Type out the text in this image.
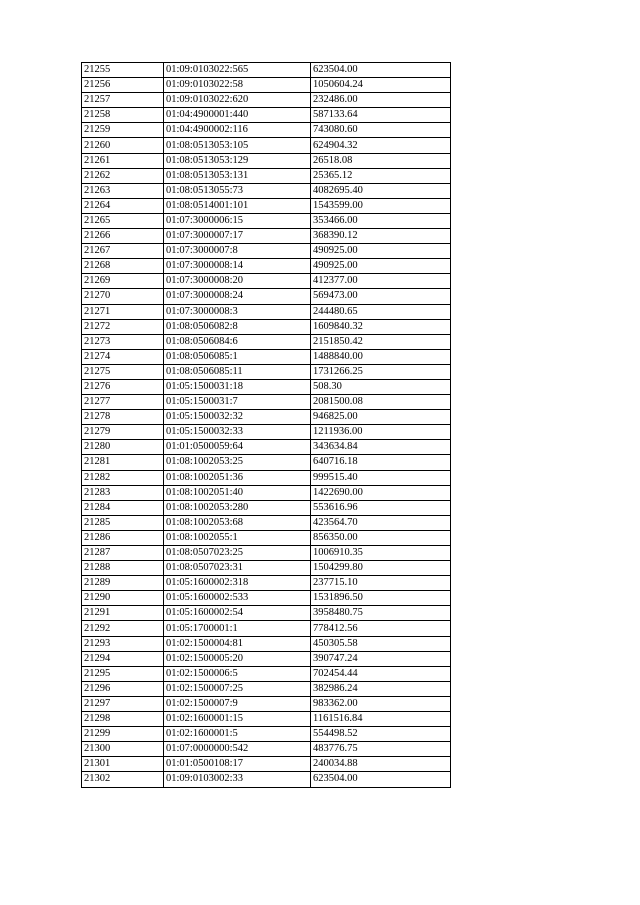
21255	01:09:0103022:565	623504.00
21256	01:09:0103022:58	1050604.24
21257	01:09:0103022:620	232486.00
21258	01:04:4900001:440	587133.64
21259	01:04:4900002:116	743080.60
21260	01:08:0513053:105	624904.32
21261	01:08:0513053:129	26518.08
21262	01:08:0513053:131	25365.12
21263	01:08:0513055:73	4082695.40
21264	01:08:0514001:101	1543599.00
21265	01:07:3000006:15	353466.00
21266	01:07:3000007:17	368390.12
21267	01:07:3000007:8	490925.00
21268	01:07:3000008:14	490925.00
21269	01:07:3000008:20	412377.00
21270	01:07:3000008:24	569473.00
21271	01:07:3000008:3	244480.65
21272	01:08:0506082:8	1609840.32
21273	01:08:0506084:6	2151850.42
21274	01:08:0506085:1	1488840.00
21275	01:08:0506085:11	1731266.25
21276	01:05:1500031:18	508.30
21277	01:05:1500031:7	2081500.08
21278	01:05:1500032:32	946825.00
21279	01:05:1500032:33	1211936.00
21280	01:01:0500059:64	343634.84
21281	01:08:1002053:25	640716.18
21282	01:08:1002051:36	999515.40
21283	01:08:1002051:40	1422690.00
21284	01:08:1002053:280	553616.96
21285	01:08:1002053:68	423564.70
21286	01:08:1002055:1	856350.00
21287	01:08:0507023:25	1006910.35
21288	01:08:0507023:31	1504299.80
21289	01:05:1600002:318	237715.10
21290	01:05:1600002:533	1531896.50
21291	01:05:1600002:54	3958480.75
21292	01:05:1700001:1	778412.56
21293	01:02:1500004:81	450305.58
21294	01:02:1500005:20	390747.24
21295	01:02:1500006:5	702454.44
21296	01:02:1500007:25	382986.24
21297	01:02:1500007:9	983362.00
21298	01:02:1600001:15	1161516.84
21299	01:02:1600001:5	554498.52
21300	01:07:0000000:542	483776.75
21301	01:01:0500108:17	240034.88
21302	01:09:0103002:33	623504.00
